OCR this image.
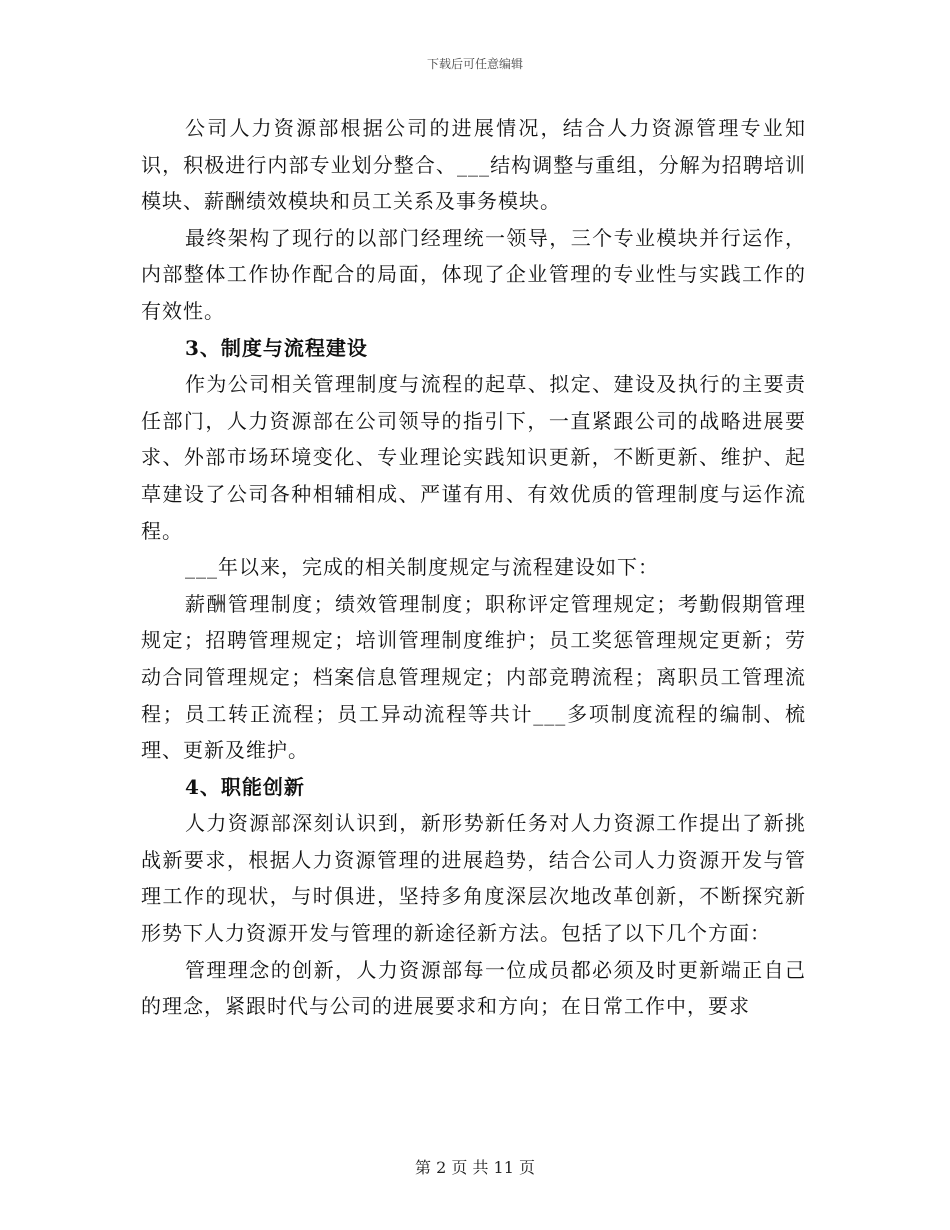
下载后可任意编辑

公司人力资源部根据公司的进展情况，结合人力资源管理专业知识，积极进行内部专业划分整合、___结构调整与重组，分解为招聘培训模块、薪酬绩效模块和员工关系及事务模块。

最终架构了现行的以部门经理统一领导，三个专业模块并行运作，内部整体工作协作配合的局面，体现了企业管理的专业性与实践工作的有效性。

3、制度与流程建设

作为公司相关管理制度与流程的起草、拟定、建设及执行的主要责任部门，人力资源部在公司领导的指引下，一直紧跟公司的战略进展要求、外部市场环境变化、专业理论实践知识更新，不断更新、维护、起草建设了公司各种相辅相成、严谨有用、有效优质的管理制度与运作流程。

___年以来，完成的相关制度规定与流程建设如下：

薪酬管理制度；绩效管理制度；职称评定管理规定；考勤假期管理规定；招聘管理规定；培训管理制度维护；员工奖惩管理规定更新；劳动合同管理规定；档案信息管理规定；内部竞聘流程；离职员工管理流程；员工转正流程；员工异动流程等共计___多项制度流程的编制、梳理、更新及维护。

4、职能创新

人力资源部深刻认识到，新形势新任务对人力资源工作提出了新挑战新要求，根据人力资源管理的进展趋势，结合公司人力资源开发与管理工作的现状，与时俱进，坚持多角度深层次地改革创新，不断探究新形势下人力资源开发与管理的新途径新方法。包括了以下几个方面：

管理理念的创新，人力资源部每一位成员都必须及时更新端正自己的理念，紧跟时代与公司的进展要求和方向；在日常工作中，要求

第 2 页 共 11 页
